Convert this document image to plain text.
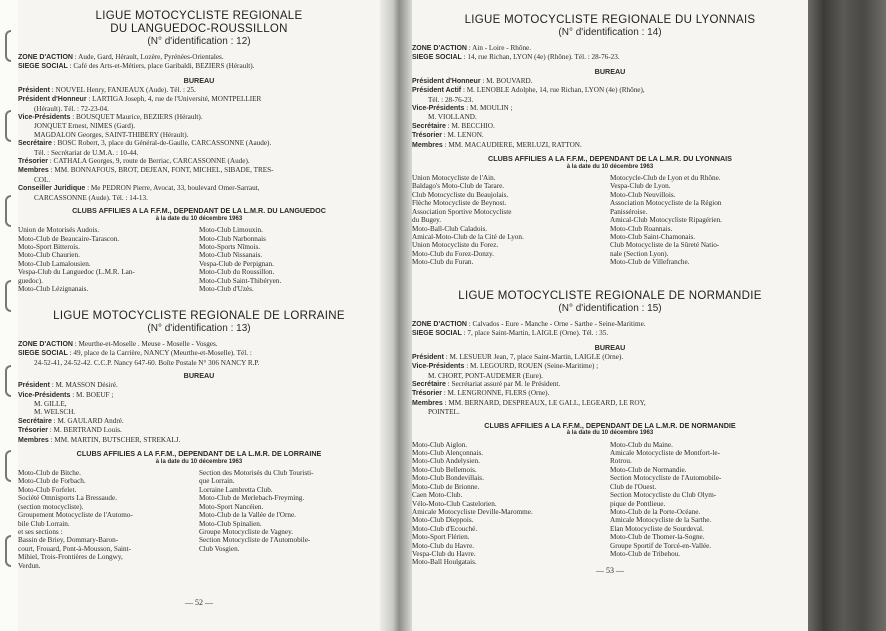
LIGUE MOTOCYCLISTE REGIONALE
DU LANGUEDOC-ROUSSILLON
(N° d'identification : 12)
ZONE D'ACTION : Aude, Gard, Hérault, Lozère, Pyrénées-Orientales.
SIEGE SOCIAL : Café des Arts-et-Métiers, place Garibaldi, BEZIERS (Hérault).
BUREAU
Président : NOUVEL Henry, FANJEAUX (Aude). Tél. : 25.
Président d'Honneur : LARTIGA Joseph, 4, rue de l'Université, MONTPELLIER
(Hérault). Tél. : 72-23-04.
Vice-Présidents : BOUSQUET Maurice, BEZIERS (Hérault).
JONQUET Ernest, NIMES (Gard).
MAGDALON Georges, SAINT-THIBERY (Hérault).
Secrétaire : BOSC Robert, 3, place du Général-de-Gaulle, CARCASSONNE (Aaude).
Tél. : Secrétariat de U.M.A. : 10-44.
Trésorier : CATHALA Georges, 9, route de Berriac, CARCASSONNE (Aude).
Membres : MM. BONNAFOUS, BROT, DEJEAN, FONT, MICHEL, SIBADE, TRES-
COL.
Conseiller Juridique : Me PEDRON Pierre, Avocat, 33, boulevard Omer-Sarraut,
CARCASSONNE (Aude). Tél. : 14-13.
CLUBS AFFILIES A LA F.F.M., DEPENDANT DE LA L.M.R. DU LANGUEDOC
à la date du 10 décembre 1963
Union de Motorisés Audois.
Moto-Club de Beaucaire-Tarascon.
Moto-Sport Bitterois.
Moto-Club Chaurien.
Moto-Club Lamalousien.
Vespa-Club du Languedoc (L.M.R. Lan-
guedoc).
Moto-Club Lézignanais.
Moto-Club Limouxin.
Moto-Club Narbonnais
Moto-Sports Nîmois.
Moto-Club Nissanais.
Vespa-Club de Perpignan.
Moto-Club du Roussillon.
Moto-Club Saint-Thibéryen.
Moto-Club d'Uzès.
LIGUE MOTOCYCLISTE REGIONALE DE LORRAINE
(N° d'identification : 13)
ZONE D'ACTION : Meurthe-et-Moselle . Meuse - Moselle - Vosges.
SIEGE SOCIAL : 49, place de la Carrière, NANCY (Meurthe-et-Moselle). Tél. :
24-52-41, 24-52-42. C.C.P. Nancy 647-60. Boîte Postale N° 306 NANCY R.P.
BUREAU
Président : M. MASSON Désiré.
Vice-Présidents : M. BOEUF ;
M. GILLE,
M. WELSCH.
Secrétaire : M. GAULARD André.
Trésorier : M. BERTRAND Louis.
Membres : MM. MARTIN, BUTSCHER, STREKALJ.
CLUBS AFFILIES A LA F.F.M., DEPENDANT DE LA L.M.R. DE LORRAINE
à la date du 10 décembre 1963
Moto-Club de Bitche.
Moto-Club de Forbach.
Moto-Club Forfelet.
Société Omnisports La Bressaude.
(section motocycliste).
Groupement Motocycliste de l'Automo-
bile Club Lorrain.
et ses sections :
Bassin de Briey, Dommary-Baron-
court, Frouard, Pont-à-Mousson, Saint-
Mihiel, Trois-Frontières de Longwy,
Verdun.
Section des Motorisés du Club Touristi-
que Lorrain.
Lorraine Lambretta Club.
Moto-Club de Merlebach-Freyming.
Moto-Sport Nancéien.
Moto-Club de la Vallée de l'Orne.
Moto-Club Spinalien.
Groupe Motocycliste de Vagney.
Section Motocycliste de l'Automobile-
Club Vosgien.
— 52 —
LIGUE MOTOCYCLISTE REGIONALE DU LYONNAIS
(N° d'identification : 14)
ZONE D'ACTION : Ain - Loire - Rhône.
SIEGE SOCIAL : 14, rue Richan, LYON (4e) (Rhône). Tél. : 28-76-23.
BUREAU
Président d'Honneur : M. BOUVARD.
Président Actif : M. LENOBLE Adolphe, 14, rue Richan, LYON (4e) (Rhône),
Tél. : 28-76-23.
Vice-Présidents : M. MOULIN ;
M. VIOLLAND.
Secrétaire : M. BECCHIO.
Trésorier : M. LENON.
Membres : MM. MACAUDIERE, MERLUZI, RATTON.
CLUBS AFFILIES A LA F.F.M., DEPENDANT DE LA L.M.R. DU LYONNAIS
à la date du 10 décembre 1963
Union Motocycliste de l'Ain.
Baldago's Moto-Club de Tarare.
Club Motocycliste du Beaujolais.
Flèche Motocycliste de Beynost.
Association Sportive Motocycliste
du Bugey.
Moto-Ball-Club Caladois.
Amical-Moto-Club de la Cité de Lyon.
Union Motocycliste du Forez.
Moto-Club du Forez-Donzy.
Moto-Club du Furan.
Motocycle-Club de Lyon et du Rhône.
Vespa-Club de Lyon.
Moto-Club Neuvillois.
Association Motocycliste de la Région
Panisséroise.
Amical-Club Motocycliste Ripagérien.
Moto-Club Roannais.
Moto-Club Saint-Chamonais.
Club Motocycliste de la Sûreté Natio-
nale (Section Lyon).
Moto-Club de Villefranche.
LIGUE MOTOCYCLISTE REGIONALE DE NORMANDIE
(N° d'identification : 15)
ZONE D'ACTION : Calvados - Eure - Manche - Orne - Sarthe - Seine-Maritime.
SIEGE SOCIAL : 7, place Saint-Martin, LAIGLE (Orne). Tél. : 35.
BUREAU
Président : M. LESUEUR Jean, 7, place Saint-Martin, LAIGLE (Orne).
Vice-Présidents : M. LEGOURD, ROUEN (Seine-Maritime) ;
M. CHORT, PONT-AUDEMER (Eure).
Secrétaire : Secrétariat assuré par M. le Président.
Trésorier : M. LENGRONNE, FLERS (Orne).
Membres : MM. BERNARD, DESPREAUX, LE GALL, LEGEARD, LE ROY,
POINTEL.
CLUBS AFFILIES A LA F.F.M., DEPENDANT DE LA L.M.R. DE NORMANDIE
à la date du 10 décembre 1963
Moto-Club Aiglon.
Moto-Club Alençonnais.
Moto-Club Andelysien.
Moto-Club Bellemois.
Moto-Club Bondevillais.
Moto-Club de Brionne.
Caen Moto-Club.
Vélo-Moto-Club Castelorien.
Amicale Motocycliste Deville-Maromme.
Moto-Club Dieppois.
Moto-Club d'Ecouché.
Moto-Sport Flérien.
Moto-Club du Havre.
Vespa-Club du Havre.
Moto-Ball Houlgatais.
Moto-Club du Maine.
Amicale Motocycliste de Montfort-le-
Rotrou.
Moto-Club de Normandie.
Section Motocycliste de l'Automobile-
Club de l'Ouest.
Section Motocycliste du Club Olym-
pique de Pontlieue.
Moto-Club de la Porte-Océane.
Amicale Motocycliste de la Sarthe.
Elan Motocycliste de Sourdeval.
Moto-Club de Thomer-la-Sogne.
Groupe Sportif de Torcé-en-Vallée.
Moto-Club de Tribehou.
— 53 —
